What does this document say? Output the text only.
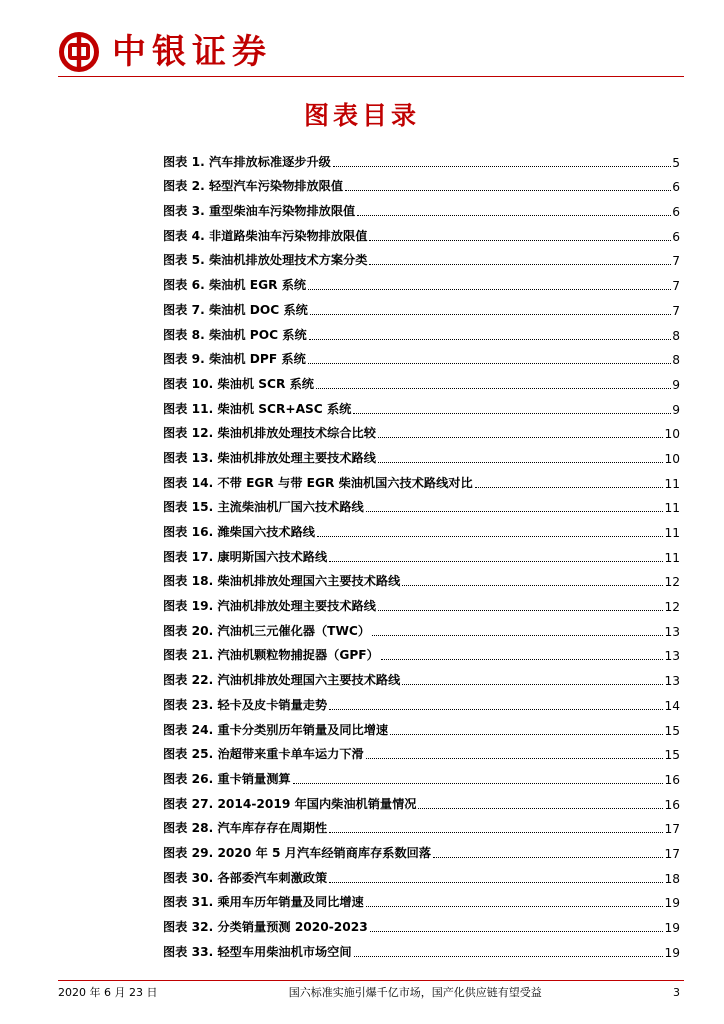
中银证券
图表目录
图表 1. 汽车排放标准逐步升级	5
图表 2. 轻型汽车污染物排放限值	6
图表 3. 重型柴油车污染物排放限值	6
图表 4. 非道路柴油车污染物排放限值	6
图表 5. 柴油机排放处理技术方案分类	7
图表 6. 柴油机 EGR 系统	7
图表 7. 柴油机 DOC 系统	7
图表 8. 柴油机 POC 系统	8
图表 9. 柴油机 DPF 系统	8
图表 10. 柴油机 SCR 系统	9
图表 11. 柴油机 SCR+ASC 系统	9
图表 12. 柴油机排放处理技术综合比较	10
图表 13. 柴油机排放处理主要技术路线	10
图表 14. 不带 EGR 与带 EGR 柴油机国六技术路线对比	11
图表 15. 主流柴油机厂国六技术路线	11
图表 16. 潍柴国六技术路线	11
图表 17. 康明斯国六技术路线	11
图表 18. 柴油机排放处理国六主要技术路线	12
图表 19. 汽油机排放处理主要技术路线	12
图表 20. 汽油机三元催化器（TWC）	13
图表 21. 汽油机颗粒物捕捉器（GPF）	13
图表 22. 汽油机排放处理国六主要技术路线	13
图表 23. 轻卡及皮卡销量走势	14
图表 24. 重卡分类别历年销量及同比增速	15
图表 25. 治超带来重卡单车运力下滑	15
图表 26. 重卡销量测算	16
图表 27. 2014-2019 年国内柴油机销量情况	16
图表 28. 汽车库存存在周期性	17
图表 29. 2020 年 5 月汽车经销商库存系数回落	17
图表 30. 各部委汽车刺激政策	18
图表 31. 乘用车历年销量及同比增速	19
图表 32. 分类销量预测 2020-2023	19
图表 33. 轻型车用柴油机市场空间	19
2020 年 6 月 23 日	国六标准实施引爆千亿市场，国产化供应链有望受益	3
